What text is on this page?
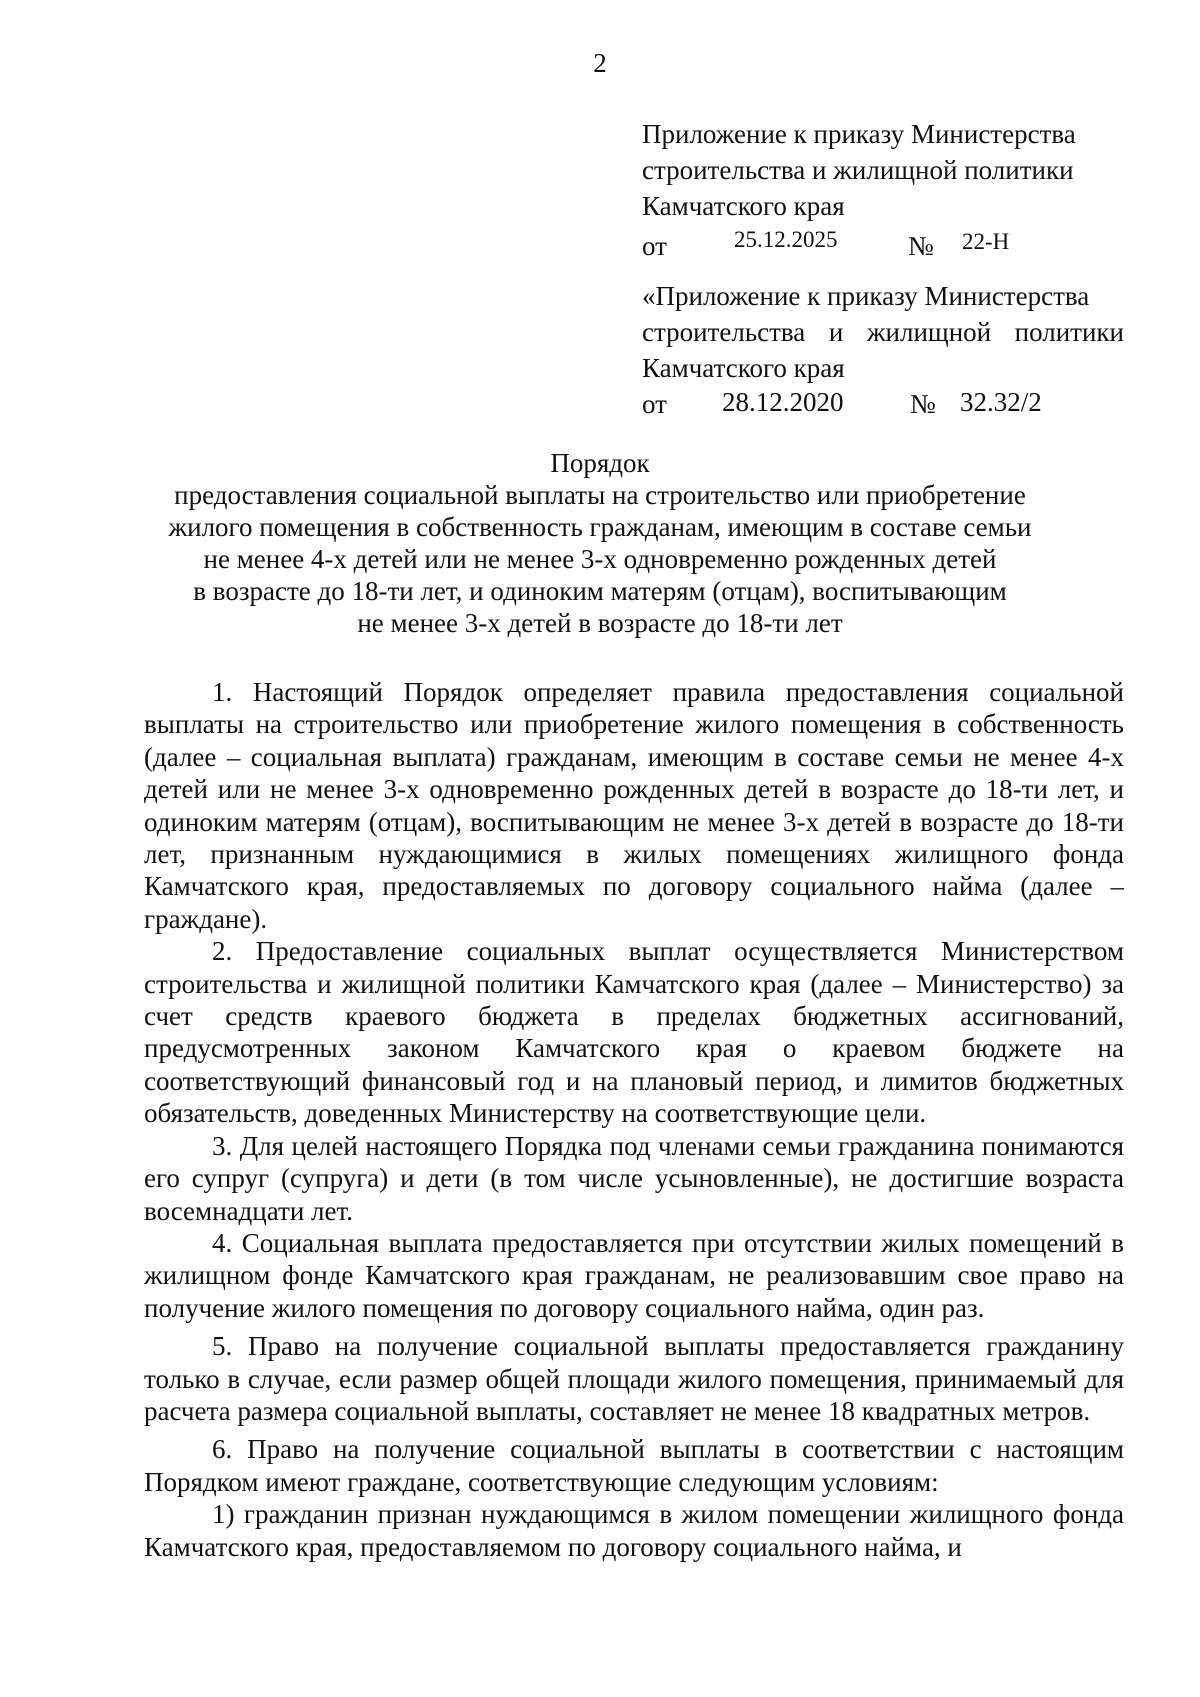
2
Приложение к приказу Министерства
строительства и жилищной политики
Камчатского края
от	25.12.2025	№ 22-Н
«Приложение к приказу Министерства
строительства и жилищной политики
Камчатского края
от 28.12.2020 № 32.32/2
Порядок
предоставления социальной выплаты на строительство или приобретение
жилого помещения в собственность гражданам, имеющим в составе семьи
не менее 4-х детей или не менее 3-х одновременно рожденных детей
в возрасте до 18-ти лет, и одиноким матерям (отцам), воспитывающим
не менее 3-х детей в возрасте до 18-ти лет

1. Настоящий Порядок определяет правила предоставления социальной выплаты на строительство или приобретение жилого помещения в собственность (далее – социальная выплата) гражданам, имеющим в составе семьи не менее 4-х детей или не менее 3-х одновременно рожденных детей в возрасте до 18-ти лет, и одиноким матерям (отцам), воспитывающим не менее 3-х детей в возрасте до 18-ти лет, признанным нуждающимися в жилых помещениях жилищного фонда Камчатского края, предоставляемых по договору социального найма (далее – граждане).

2. Предоставление социальных выплат осуществляется Министерством строительства и жилищной политики Камчатского края (далее – Министерство) за счет средств краевого бюджета в пределах бюджетных ассигнований, предусмотренных законом Камчатского края о краевом бюджете на соответствующий финансовый год и на плановый период, и лимитов бюджетных обязательств, доведенных Министерству на соответствующие цели.

3. Для целей настоящего Порядка под членами семьи гражданина понимаются его супруг (супруга) и дети (в том числе усыновленные), не достигшие возраста восемнадцати лет.

4. Социальная выплата предоставляется при отсутствии жилых помещений в жилищном фонде Камчатского края гражданам, не реализовавшим свое право на получение жилого помещения по договору социального найма, один раз.

5. Право на получение социальной выплаты предоставляется гражданину только в случае, если размер общей площади жилого помещения, принимаемый для расчета размера социальной выплаты, составляет не менее 18 квадратных метров.

6. Право на получение социальной выплаты в соответствии с настоящим Порядком имеют граждане, соответствующие следующим условиям:

1) гражданин признан нуждающимся в жилом помещении жилищного фонда Камчатского края, предоставляемом по договору социального найма, и
